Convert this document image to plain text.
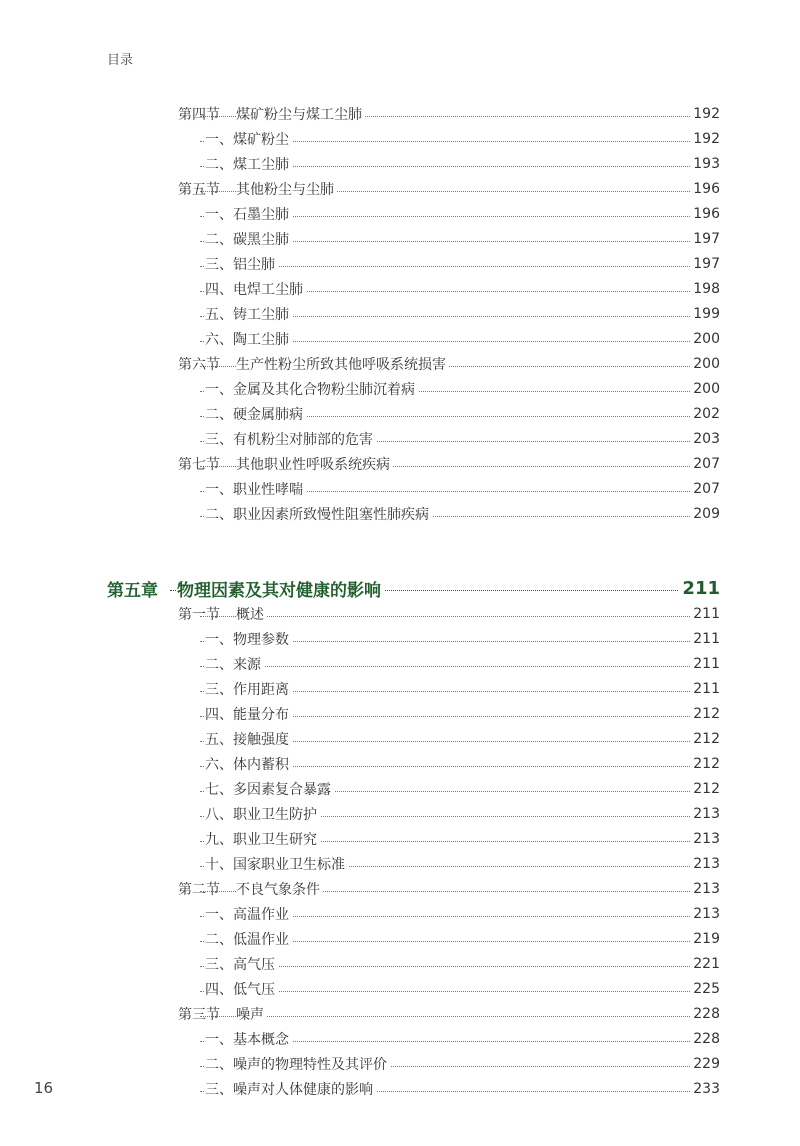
目录
第四节 煤矿粉尘与煤工尘肺	192
一、煤矿粉尘	192
二、煤工尘肺	193
第五节 其他粉尘与尘肺	196
一、石墨尘肺	196
二、碳黑尘肺	197
三、铝尘肺	197
四、电焊工尘肺	198
五、铸工尘肺	199
六、陶工尘肺	200
第六节 生产性粉尘所致其他呼吸系统损害	200
一、金属及其化合物粉尘肺沉着病	200
二、硬金属肺病	202
三、有机粉尘对肺部的危害	203
第七节 其他职业性呼吸系统疾病	207
一、职业性哮喘	207
二、职业因素所致慢性阻塞性肺疾病	209
第五章 物理因素及其对健康的影响	211
第一节 概述	211
一、物理参数	211
二、来源	211
三、作用距离	211
四、能量分布	212
五、接触强度	212
六、体内蓄积	212
七、多因素复合暴露	212
八、职业卫生防护	213
九、职业卫生研究	213
十、国家职业卫生标准	213
第二节 不良气象条件	213
一、高温作业	213
二、低温作业	219
三、高气压	221
四、低气压	225
第三节 噪声	228
一、基本概念	228
二、噪声的物理特性及其评价	229
三、噪声对人体健康的影响	233
16
